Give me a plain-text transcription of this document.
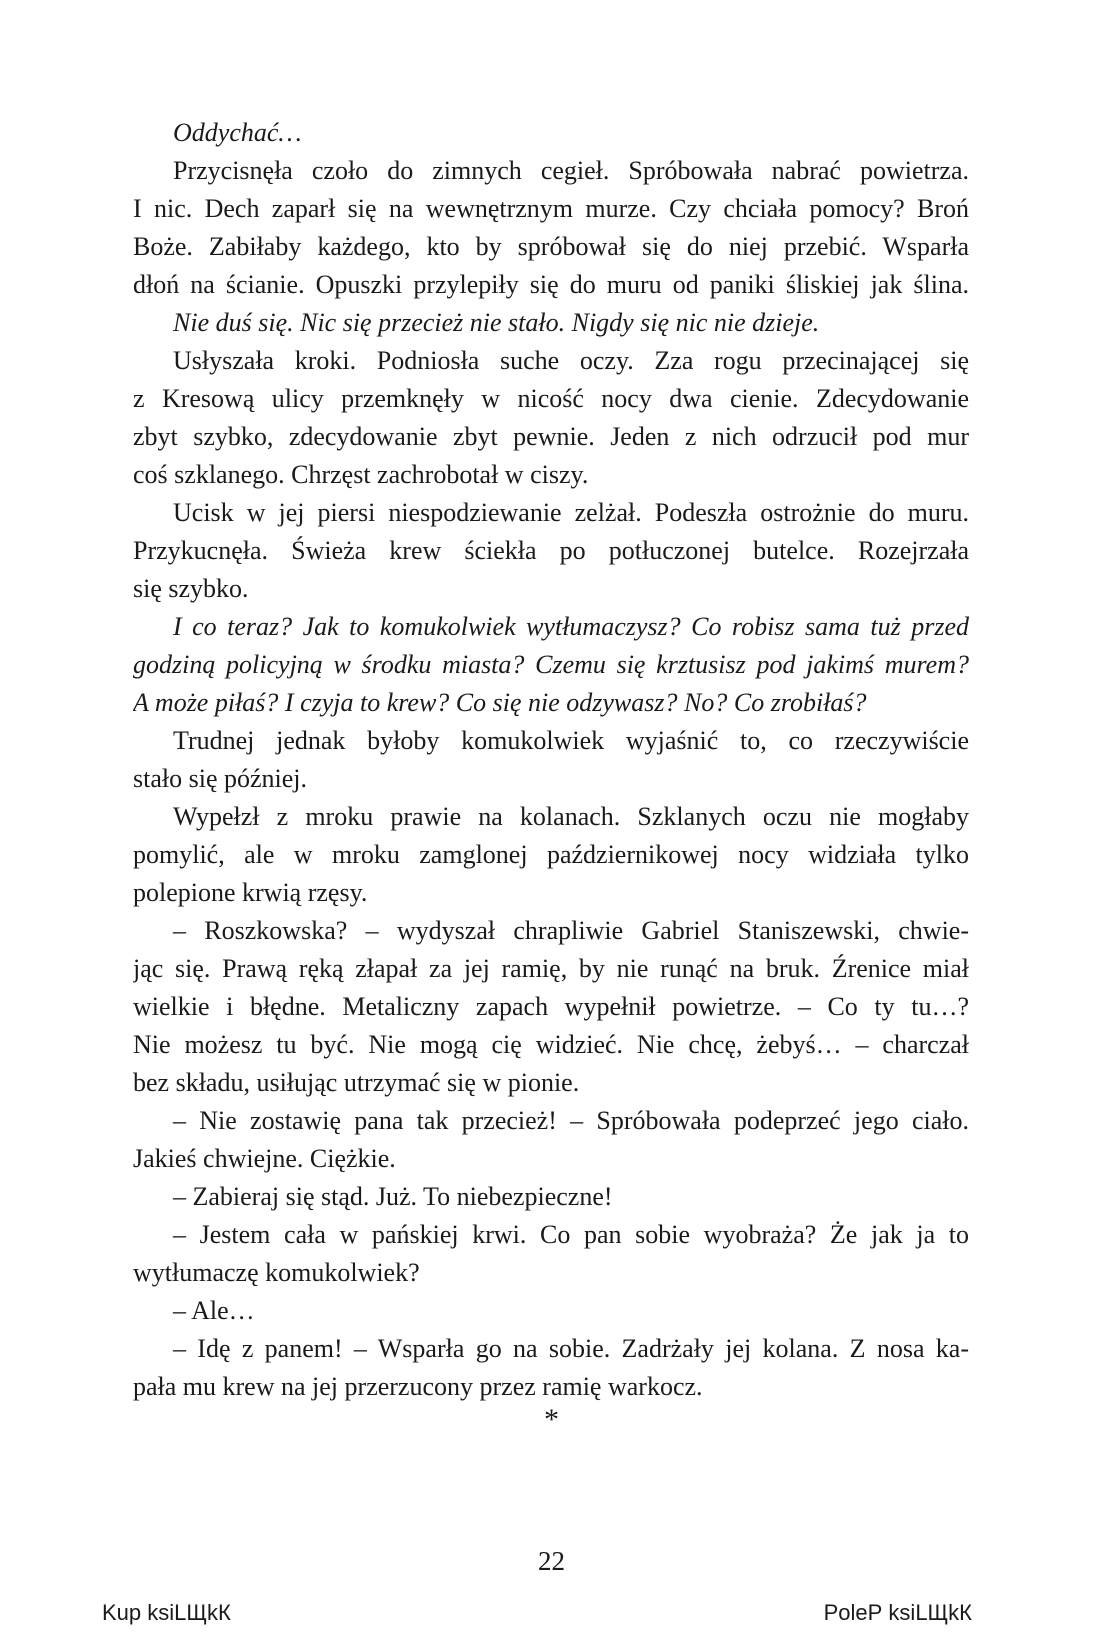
Oddychać…
Przycisnęła czoło do zimnych cegieł. Spróbowała nabrać powietrza.
I nic. Dech zaparł się na wewnętrznym murze. Czy chciała pomocy? Broń
Boże. Zabiłaby każdego, kto by spróbował się do niej przebić. Wsparła
dłoń na ścianie. Opuszki przylepiły się do muru od paniki śliskiej jak ślina.
Nie duś się. Nic się przecież nie stało. Nigdy się nic nie dzieje.
Usłyszała kroki. Podniosła suche oczy. Zza rogu przecinającej się
z Kresową ulicy przemknęły w nicość nocy dwa cienie. Zdecydowanie
zbyt szybko, zdecydowanie zbyt pewnie. Jeden z nich odrzucił pod mur
coś szklanego. Chrzęst zachrobotał w ciszy.
Ucisk w jej piersi niespodziewanie zelżał. Podeszła ostrożnie do muru.
Przykucnęła. Świeża krew ściekła po potłuczonej butelce. Rozejrzała
się szybko.
I co teraz? Jak to komukolwiek wytłumaczysz? Co robisz sama tuż przed
godziną policyjną w środku miasta? Czemu się krztusisz pod jakimś murem?
A może piłaś? I czyja to krew? Co się nie odzywasz? No? Co zrobiłaś?
Trudnej jednak byłoby komukolwiek wyjaśnić to, co rzeczywiście
stało się później.
Wypełzł z mroku prawie na kolanach. Szklanych oczu nie mogłaby
pomylić, ale w mroku zamglonej październikowej nocy widziała tylko
polepione krwią rzęsy.
– Roszkowska? – wydyszał chrapliwie Gabriel Staniszewski, chwie-
jąc się. Prawą ręką złapał za jej ramię, by nie runąć na bruk. Źrenice miał
wielkie i błędne. Metaliczny zapach wypełnił powietrze. – Co ty tu…?
Nie możesz tu być. Nie mogą cię widzieć. Nie chcę, żebyś… – charczał
bez składu, usiłując utrzymać się w pionie.
– Nie zostawię pana tak przecież! – Spróbowała podeprzeć jego ciało.
Jakieś chwiejne. Ciężkie.
– Zabieraj się stąd. Już. To niebezpieczne!
– Jestem cała w pańskiej krwi. Co pan sobie wyobraża? Że jak ja to
wytłumaczę komukolwiek?
– Ale…
– Idę z panem! – Wsparła go na sobie. Zadrżały jej kolana. Z nosa ka-
pała mu krew na jej przerzucony przez ramię warkocz.
*
22
Kup ksiLЩkК	PoleР ksiLЩkК
